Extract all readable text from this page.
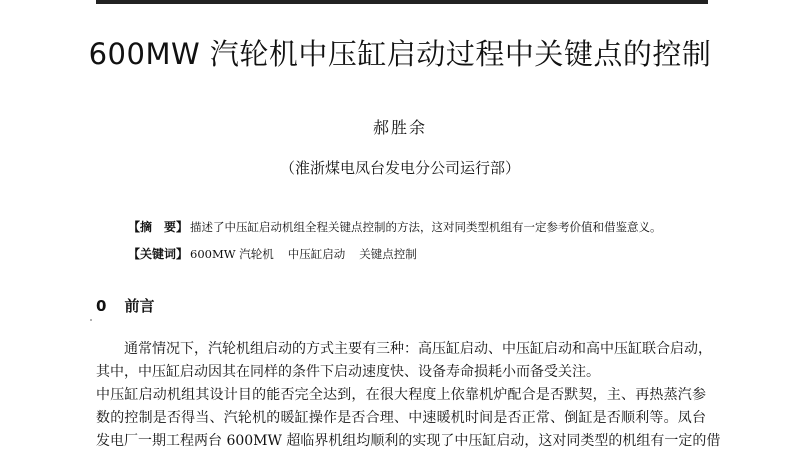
600MW 汽轮机中压缸启动过程中关键点的控制
郝胜余
（淮浙煤电凤台发电分公司运行部）
【摘　要】 描述了中压缸启动机组全程关键点控制的方法，这对同类型机组有一定参考价值和借鉴意义。
【关键词】 600MW 汽轮机 中压缸启动 关键点控制
0 前言
通常情况下，汽轮机组启动的方式主要有三种：高压缸启动、中压缸启动和高中压缸联合启动，
其中，中压缸启动因其在同样的条件下启动速度快、设备寿命损耗小而备受关注。
中压缸启动机组其设计目的能否完全达到，在很大程度上依靠机炉配合是否默契，主、再热蒸汽参
数的控制是否得当、汽轮机的暖缸操作是否合理、中速暖机时间是否正常、倒缸是否顺利等。凤台
发电厂一期工程两台 600MW 超临界机组均顺利的实现了中压缸启动，这对同类型的机组有一定的借
